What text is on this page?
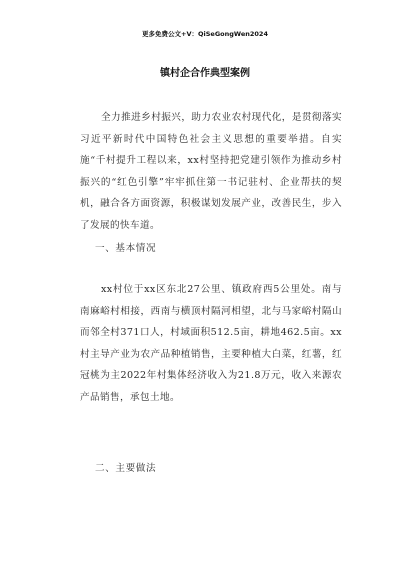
更多免费公文+V：QiSeGongWen2024
镇村企合作典型案例
全力推进乡村振兴，助力农业农村现代化，是贯彻落实习近平新时代中国特色社会主义思想的重要举措。自实施“千村提升工程以来，xx村坚持把党建引领作为推动乡村振兴的“红色引擎”牢牢抓住第一书记驻村、企业帮扶的契机，融合各方面资源，积极谋划发展产业，改善民生，步入了发展的快车道。
一、基本情况
xx村位于xx区东北27公里、镇政府西5公里处。南与南麻峪村相接，西南与横顶村隔河相望，北与马家峪村隔山而邻全村371口人，村域面积512.5亩，耕地462.5亩。xx村主导产业为农产品种植销售，主要种植大白菜，红薯，红冠桃为主2022年村集体经济收入为21.8万元，收入来源农产品销售，承包土地。
二、主要做法
